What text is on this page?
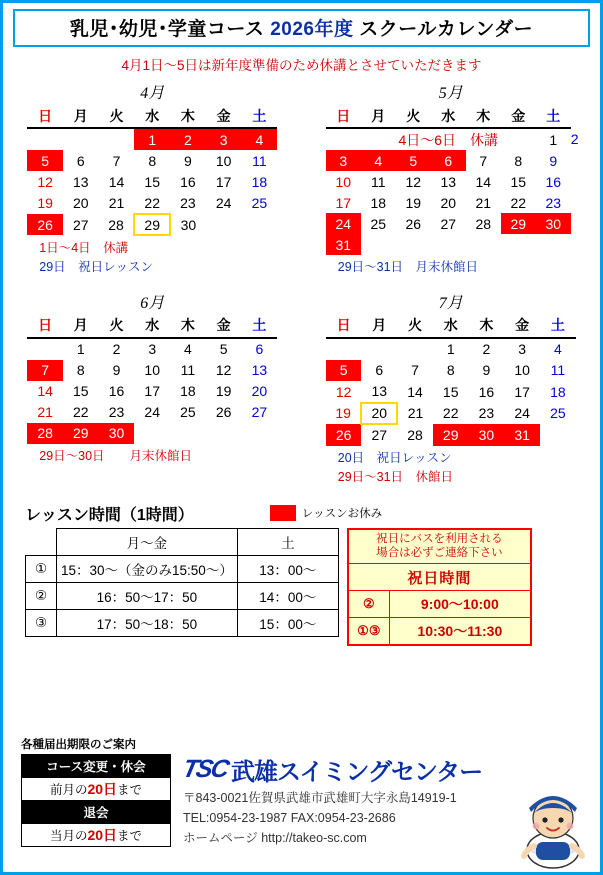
乳児･幼児･学童コース 2026年度 スクールカレンダー
4月1日〜5日は新年度準備のため休講とさせていただきます
4月
日	月	火	水	木	金	土
			1	2	3	4
5	6	7	8	9	10	11
12	13	14	15	16	17	18
19	20	21	22	23	24	25
26	27	28	29	30		
1日〜4日　休講
29日　祝日レッスン
5月
日	月	火	水	木	金	土	
	4日〜6日　休講					1	2
3	4	5	6	7	8	9	
10	11	12	13	14	15	16	
17	18	19	20	21	22	23	
24	25	26	27	28	29	30	
31							
29日〜31日　月末休館日
6月
日	月	火	水	木	金	土
	1	2	3	4	5	6
7	8	9	10	11	12	13
14	15	16	17	18	19	20
21	22	23	24	25	26	27
28	29	30				
29日〜30日　　月末休館日
7月
日	月	火	水	木	金	土
			1	2	3	4
5	6	7	8	9	10	11
12	13	14	15	16	17	18
19	20	21	22	23	24	25
26	27	28	29	30	31	
20日　祝日レッスン
29日〜31日　休館日
レッスン時間（1時間）	レッスンお休み
	月〜金	土
①	15：30〜（金のみ15:50〜）	13：00〜
②	16：50〜17：50	14：00〜
③	17：50〜18：50	15：00〜
祝日にバスを利用される
場合は必ずご連絡下さい	
祝日時間	
②	9:00〜10:00
①③	10:30〜11:30
各種届出期限のご案内
コース変更・休会
前月の20日まで
退会
当月の20日まで
TSC 武雄スイミングセンター
〒843-0021佐賀県武雄市武雄町大字永島14919-1
TEL:0954-23-1987 FAX:0954-23-2686
ホームページ http://takeo-sc.com
